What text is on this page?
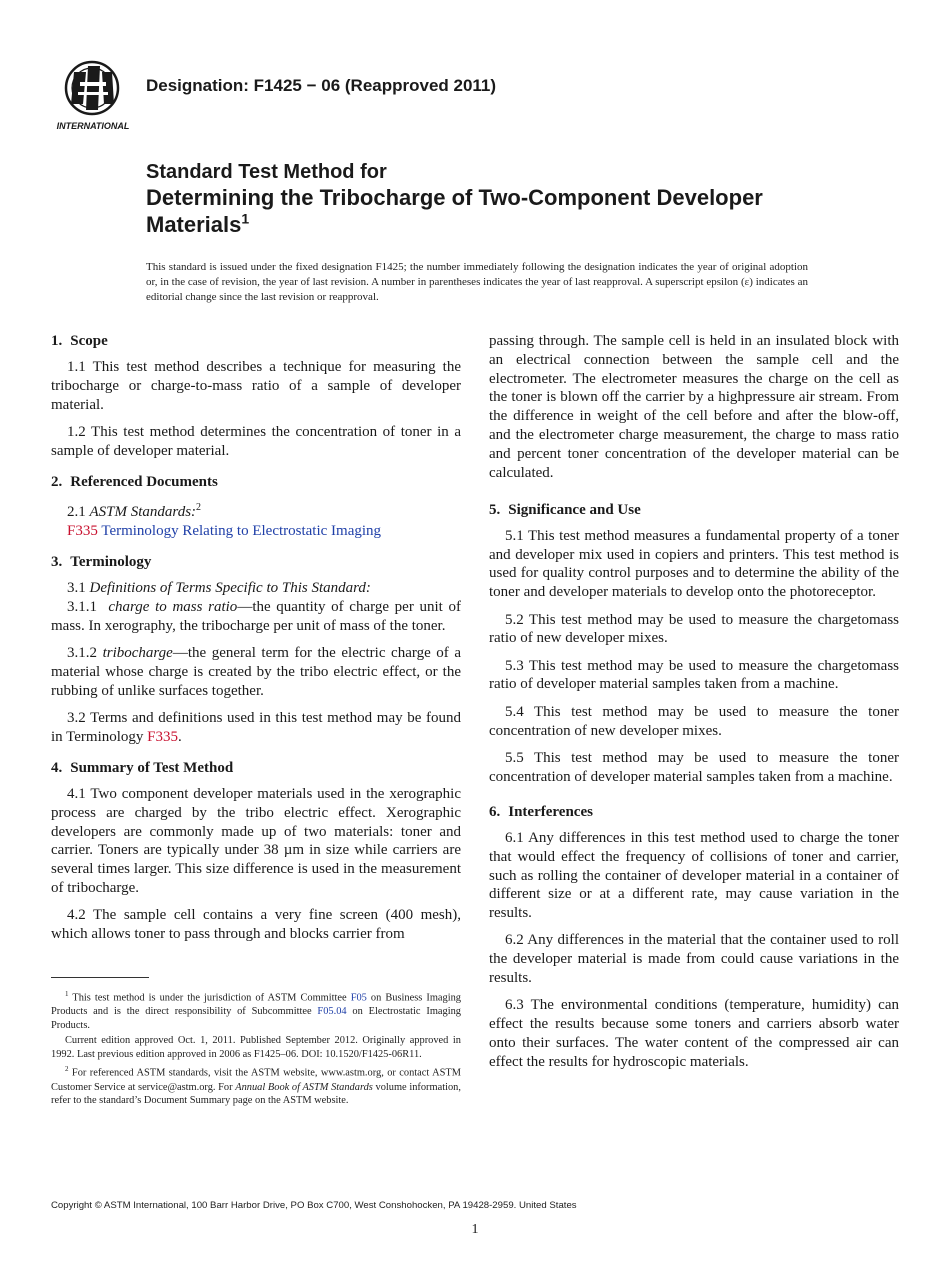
INTERNATIONAL
Designation: F1425 − 06 (Reapproved 2011)
Standard Test Method for
Determining the Tribocharge of Two-Component Developer
Materials$^1$
This standard is issued under the fixed designation F1425; the number immediately following the designation indicates the year of original adoption or, in the case of revision, the year of last revision. A number in parentheses indicates the year of last reapproval. A superscript epsilon (ε) indicates an editorial change since the last revision or reapproval.
1. Scope

1.1 This test method describes a technique for measuring the tribocharge or charge-to-mass ratio of a sample of developer material.

1.2 This test method determines the concentration of toner in a sample of developer material.

2. Referenced Documents

2.1 ASTM Standards:$^2$

F335 Terminology Relating to Electrostatic Imaging

3. Terminology

3.1 Definitions of Terms Specific to This Standard:

3.1.1 charge to mass ratio—the quantity of charge per unit of mass. In xerography, the tribocharge per unit of mass of the toner.

3.1.2 tribocharge—the general term for the electric charge of a material whose charge is created by the tribo electric effect, or the rubbing of unlike surfaces together.

3.2 Terms and definitions used in this test method may be found in Terminology F335.

4. Summary of Test Method

4.1 Two component developer materials used in the xerographic process are charged by the tribo electric effect. Xerographic developers are commonly made up of two materials: toner and carrier. Toners are typically under 38 µm in size while carriers are several times larger. This size difference is used in the measurement of tribocharge.

4.2 The sample cell contains a very fine screen (400 mesh), which allows toner to pass through and blocks carrier from

$^1$ This test method is under the jurisdiction of ASTM Committee F05 on Business Imaging Products and is the direct responsibility of Subcommittee F05.04 on Electrostatic Imaging Products.

Current edition approved Oct. 1, 2011. Published September 2012. Originally approved in 1992. Last previous edition approved in 2006 as F1425–06. DOI: 10.1520/F1425-06R11.

$^2$ For referenced ASTM standards, visit the ASTM website, www.astm.org, or contact ASTM Customer Service at service@astm.org. For Annual Book of ASTM Standards volume information, refer to the standard’s Document Summary page on the ASTM website.

passing through. The sample cell is held in an insulated block with an electrical connection between the sample cell and the electrometer. The electrometer measures the charge on the cell as the toner is blown off the carrier by a highpressure air stream. From the difference in weight of the cell before and after the blow-off, and the electrometer charge measurement, the charge to mass ratio and percent toner concentration of the developer material can be calculated.

5. Significance and Use

5.1 This test method measures a fundamental property of a toner and developer mix used in copiers and printers. This test method is used for quality control purposes and to determine the ability of the toner and developer materials to develop onto the photoreceptor.

5.2 This test method may be used to measure the chargetomass ratio of new developer mixes.

5.3 This test method may be used to measure the chargetomass ratio of developer material samples taken from a machine.

5.4 This test method may be used to measure the toner concentration of new developer mixes.

5.5 This test method may be used to measure the toner concentration of developer material samples taken from a machine.

6. Interferences

6.1 Any differences in this test method used to charge the toner that would effect the frequency of collisions of toner and carrier, such as rolling the container of developer material in a container of different size or at a different rate, may cause variation in the results.

6.2 Any differences in the material that the container used to roll the developer material is made from could cause variations in the results.

6.3 The environmental conditions (temperature, humidity) can effect the results because some toners and carriers absorb water onto their surfaces. The water content of the compressed air can effect the results for hydroscopic materials.

Copyright © ASTM International, 100 Barr Harbor Drive, PO Box C700, West Conshohocken, PA 19428-2959. United States
1
